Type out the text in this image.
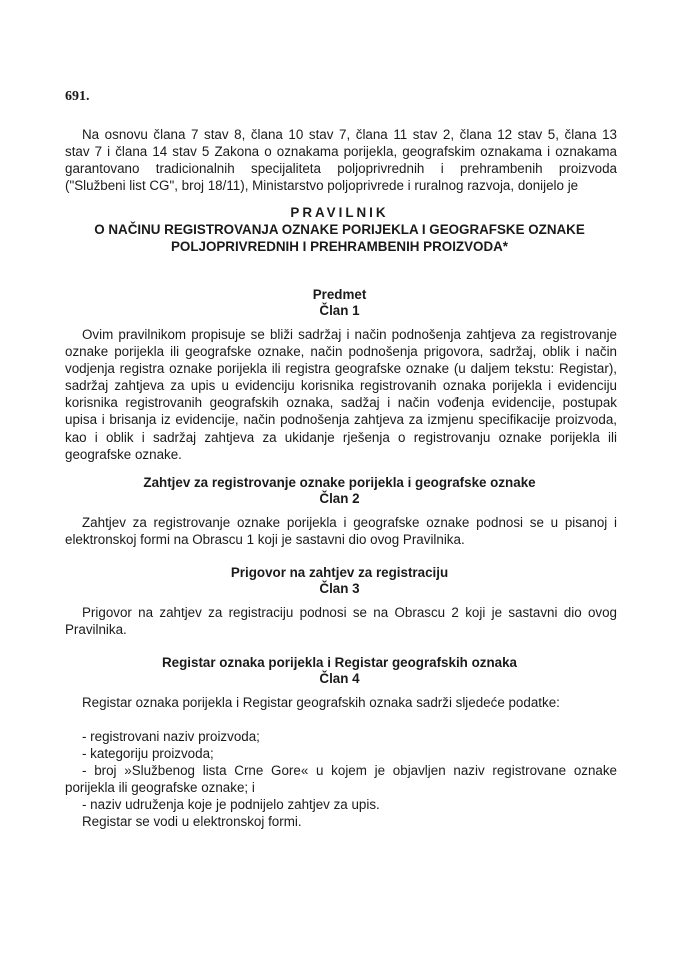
691.
Na osnovu člana 7 stav 8, člana 10 stav 7, člana 11 stav 2, člana 12 stav 5, člana 13
stav 7 i člana 14 stav 5 Zakona o oznakama porijekla, geografskim oznakama i oznakama
garantovano tradicionalnih specijaliteta poljoprivrednih i prehrambenih proizvoda
("Službeni list CG", broj 18/11), Ministarstvo poljoprivrede i ruralnog razvoja, donijelo je
PRAVILNIK
O NAČINU REGISTROVANJA OZNAKE PORIJEKLA I GEOGRAFSKE OZNAKE
POLJOPRIVREDNIH I PREHRAMBENIH PROIZVODA*
Predmet
Član 1
Ovim pravilnikom propisuje se bliži sadržaj i način podnošenja zahtjeva za registrovanje
oznake porijekla ili geografske oznake, način podnošenja prigovora, sadržaj, oblik i način
vodjenja registra oznake porijekla ili registra geografske oznake (u daljem tekstu: Registar),
sadržaj zahtjeva za upis u evidenciju korisnika registrovanih oznaka porijekla i evidenciju
korisnika registrovanih geografskih oznaka, sadžaj i način vođenja evidencije, postupak
upisa i brisanja iz evidencije, način podnošenja zahtjeva za izmjenu specifikacije proizvoda,
kao i oblik i sadržaj zahtjeva za ukidanje rješenja o registrovanju oznake porijekla ili
geografske oznake.
Zahtjev za registrovanje oznake porijekla i geografske oznake
Član 2
Zahtjev za registrovanje oznake porijekla i geografske oznake podnosi se u pisanoj i
elektronskoj formi na Obrascu 1 koji je sastavni dio ovog Pravilnika.
Prigovor na zahtjev za registraciju
Član 3
Prigovor na zahtjev za registraciju podnosi se na Obrascu 2 koji je sastavni dio ovog
Pravilnika.
Registar oznaka porijekla i Registar geografskih oznaka
Član 4
Registar oznaka porijekla i Registar geografskih oznaka sadrži sljedeće podatke:
- registrovani naziv proizvoda;
- kategoriju proizvoda;
- broj »Službenog lista Crne Gore« u kojem je objavljen naziv registrovane oznake
porijekla ili geografske oznake; i
- naziv udruženja koje je podnijelo zahtjev za upis.
Registar se vodi u elektronskoj formi.
